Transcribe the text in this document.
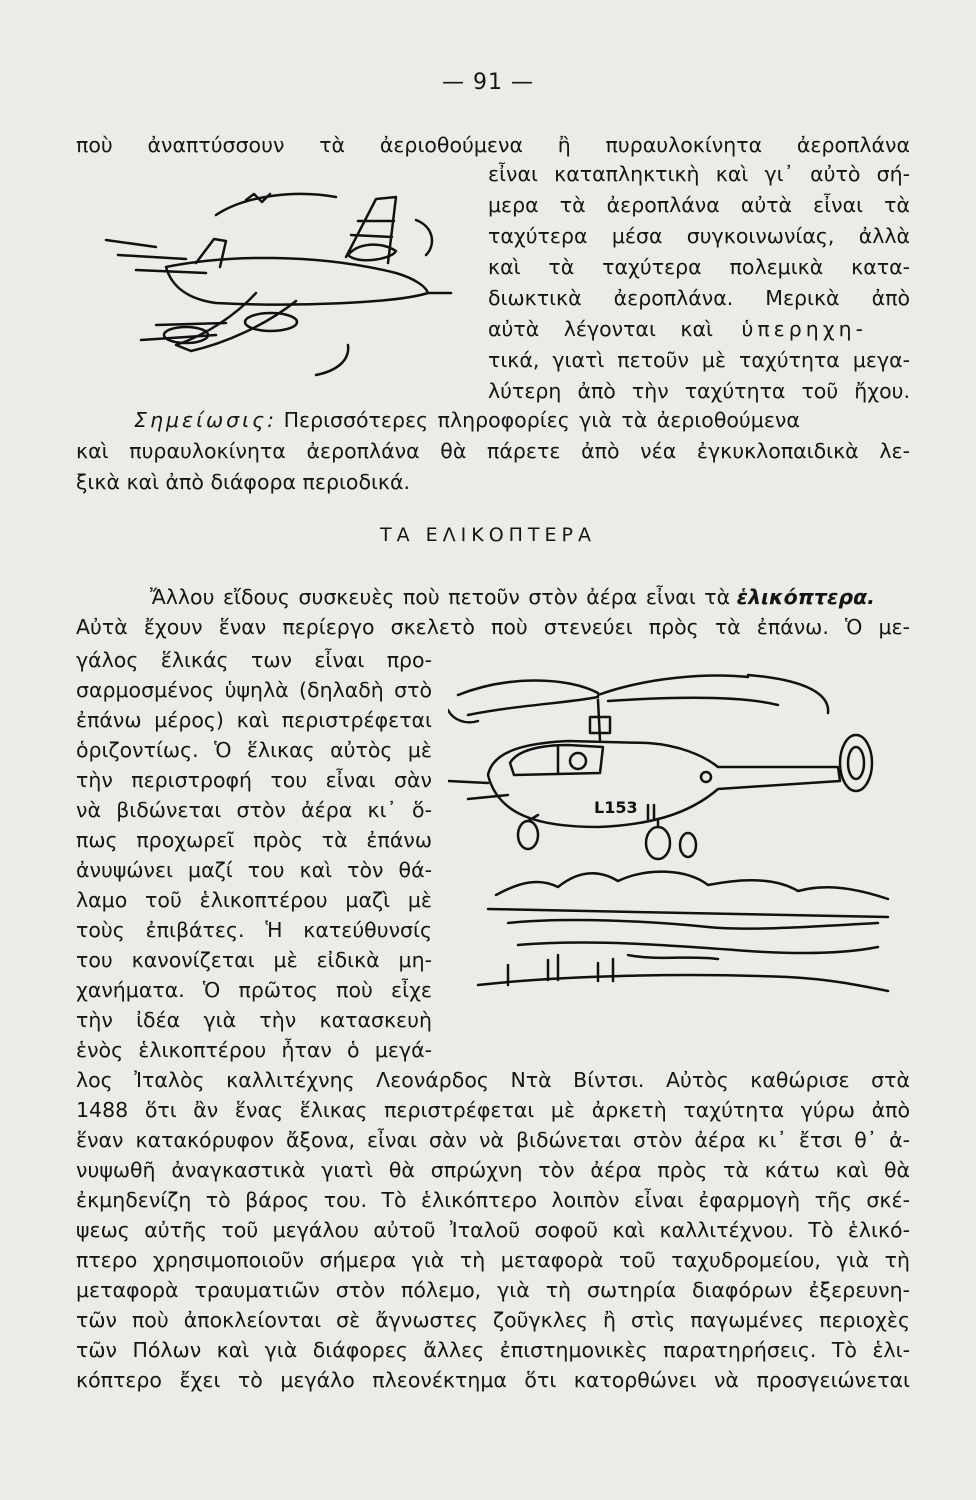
— 91 —
ποὺ ἀναπτύσσουν τὰ ἀεριοθούμενα ἢ πυραυλοκίνητα ἀεροπλάνα
εἶναι καταπληκτικὴ καὶ γι᾽ αὐτὸ σή-
μερα τὰ ἀεροπλάνα αὐτὰ εἶναι τὰ
ταχύτερα μέσα συγκοινωνίας, ἀλλὰ
καὶ τὰ ταχύτερα πολεμικὰ κατα-
διωκτικὰ ἀεροπλάνα. Μερικὰ ἀπὸ
αὐτὰ λέγονται καὶ ὑπερηχη-
τικά, γιατὶ πετοῦν μὲ ταχύτητα μεγα-
λύτερη ἀπὸ τὴν ταχύτητα τοῦ ἤχου.
Σημείωσις: Περισσότερες πληροφορίες γιὰ τὰ ἀεριοθούμενα
καὶ πυραυλοκίνητα ἀεροπλάνα θὰ πάρετε ἀπὸ νέα ἐγκυκλοπαιδικὰ λε-
ξικὰ καὶ ἀπὸ διάφορα περιοδικά.
ΤΑ ΕΛΙΚΟΠΤΕΡΑ
Ἄλλου εἴδους συσκευὲς ποὺ πετοῦν στὸν ἀέρα εἶναι τὰ ἑλικόπτερα.
Αὐτὰ ἔχουν ἕναν περίεργο σκελετὸ ποὺ στενεύει πρὸς τὰ ἐπάνω. Ὁ με-
γάλος ἕλικάς των εἶναι προ-
σαρμοσμένος ὑψηλὰ (δηλαδὴ στὸ
ἐπάνω μέρος) καὶ περιστρέφεται
ὁριζοντίως. Ὁ ἕλικας αὐτὸς μὲ
τὴν περιστροφή του εἶναι σὰν
νὰ βιδώνεται στὸν ἀέρα κι᾽ ὅ-
πως προχωρεῖ πρὸς τὰ ἐπάνω
ἀνυψώνει μαζί του καὶ τὸν θά-
λαμο τοῦ ἑλικοπτέρου μαζὶ μὲ
τοὺς ἐπιβάτες. Ἡ κατεύθυνσίς
του κανονίζεται μὲ εἰδικὰ μη-
χανήματα. Ὁ πρῶτος ποὺ εἶχε
τὴν ἰδέα γιὰ τὴν κατασκευὴ
ἑνὸς ἑλικοπτέρου ἦταν ὁ μεγά-
λος Ἰταλὸς καλλιτέχνης Λεονάρδος Ντὰ Βίντσι. Αὐτὸς καθώρισε στὰ
1488 ὅτι ἂν ἕνας ἕλικας περιστρέφεται μὲ ἀρκετὴ ταχύτητα γύρω ἀπὸ
ἕναν κατακόρυφον ἄξονα, εἶναι σὰν νὰ βιδώνεται στὸν ἀέρα κι᾽ ἔτσι θ᾽ ἀ-
νυψωθῆ ἀναγκαστικὰ γιατὶ θὰ σπρώχνη τὸν ἀέρα πρὸς τὰ κάτω καὶ θὰ
ἐκμηδενίζη τὸ βάρος του. Τὸ ἑλικόπτερο λοιπὸν εἶναι ἐφαρμογὴ τῆς σκέ-
ψεως αὐτῆς τοῦ μεγάλου αὐτοῦ Ἰταλοῦ σοφοῦ καὶ καλλιτέχνου. Τὸ ἑλικό-
πτερο χρησιμοποιοῦν σήμερα γιὰ τὴ μεταφορὰ τοῦ ταχυδρομείου, γιὰ τὴ
μεταφορὰ τραυματιῶν στὸν πόλεμο, γιὰ τὴ σωτηρία διαφόρων ἐξερευνη-
τῶν ποὺ ἀποκλείονται σὲ ἄγνωστες ζοῦγκλες ἢ στὶς παγωμένες περιοχὲς
τῶν Πόλων καὶ γιὰ διάφορες ἄλλες ἐπιστημονικὲς παρατηρήσεις. Τὸ ἑλι-
κόπτερο ἔχει τὸ μεγάλο πλεονέκτημα ὅτι κατορθώνει νὰ προσγειώνεται
L153
